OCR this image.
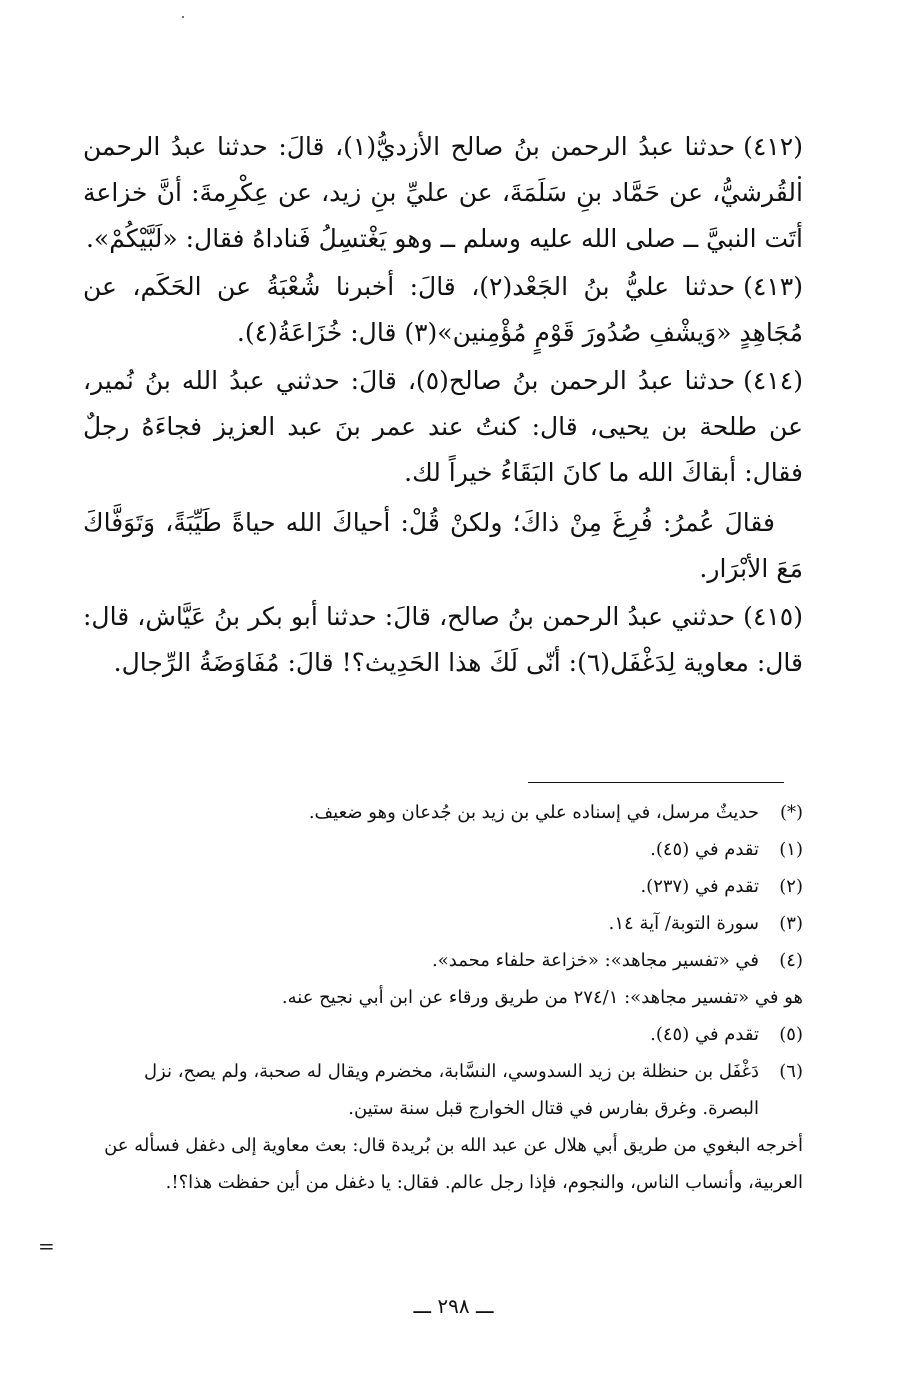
(٤١٢)حدثنا عبدُ الرحمن بنُ صالح الأزديُّ(١)، قالَ: حدثنا عبدُ الرحمن القُرشيُّ، عن حَمَّاد بنِ سَلَمَةَ، عن عليِّ بنِ زيد، عن عِكْرِمةَ: أنَّ خزاعة أتَت النبيَّ ــ صلى الله عليه وسلم ــ وهو يَغْتسِلُ فَناداهُ فقال: «لَبَّيْكُمْ».
(٤١٣)حدثنا عليُّ بنُ الجَعْد(٢)، قالَ: أخبرنا شُعْبَةُ عن الحَكَم، عن مُجَاهِدٍ «وَيشْفِ صُدُورَ قَوْمٍ مُؤْمِنين»(٣) قال: خُزَاعَةُ(٤).
(٤١٤)حدثنا عبدُ الرحمن بنُ صالح(٥)، قالَ: حدثني عبدُ الله بنُ نُمير، عن طلحة بن يحيى، قال: كنتُ عند عمر بنَ عبد العزيز فجاءَهُ رجلٌ فقال: أبقاكَ الله ما كانَ البَقَاءُ خيراً لك.
فقالَ عُمرُ: فُرِغَ مِنْ ذاكَ؛ ولكنْ قُلْ: أحياكَ الله حياةً طَيِّبَةً، وَتَوَفَّاكَ مَعَ الأبْرَار.
(٤١٥)حدثني عبدُ الرحمن بنُ صالح، قالَ: حدثنا أبو بكر بنُ عَيَّاش، قال: قال: معاوية لِدَغْفَل(٦): أنّى لَكَ هذا الحَدِيث؟! قالَ: مُفَاوَضَةُ الرِّجال.
(*)
حديثٌ مرسل، في إسناده علي بن زيد بن جُدعان وهو ضعيف.
(١)
تقدم في (٤٥).
(٢)
تقدم في (٢٣٧).
(٣)
سورة التوبة/ آية ١٤.
(٤)
في «تفسير مجاهد»: «خزاعة حلفاء محمد».
هو في «تفسير مجاهد»: ٢٧٤/١ من طريق ورقاء عن ابن أبي نجيح عنه.
(٥)
تقدم في (٤٥).
(٦)
دَغْفَل بن حنظلة بن زيد السدوسي، النسَّابة، مخضرم ويقال له صحبة، ولم يصح، نزل البصرة. وغرق بفارس في قتال الخوارج قبل سنة ستين.
أخرجه البغوي من طريق أبي هلال عن عبد الله بن بُريدة قال: بعث معاوية إلى دغفل فسأله عن العربية، وأنساب الناس، والنجوم، فإذا رجل عالم. فقال: يا دغفل من أين حفظت هذا؟!.
=
ـــ ٢٩٨ ـــ
